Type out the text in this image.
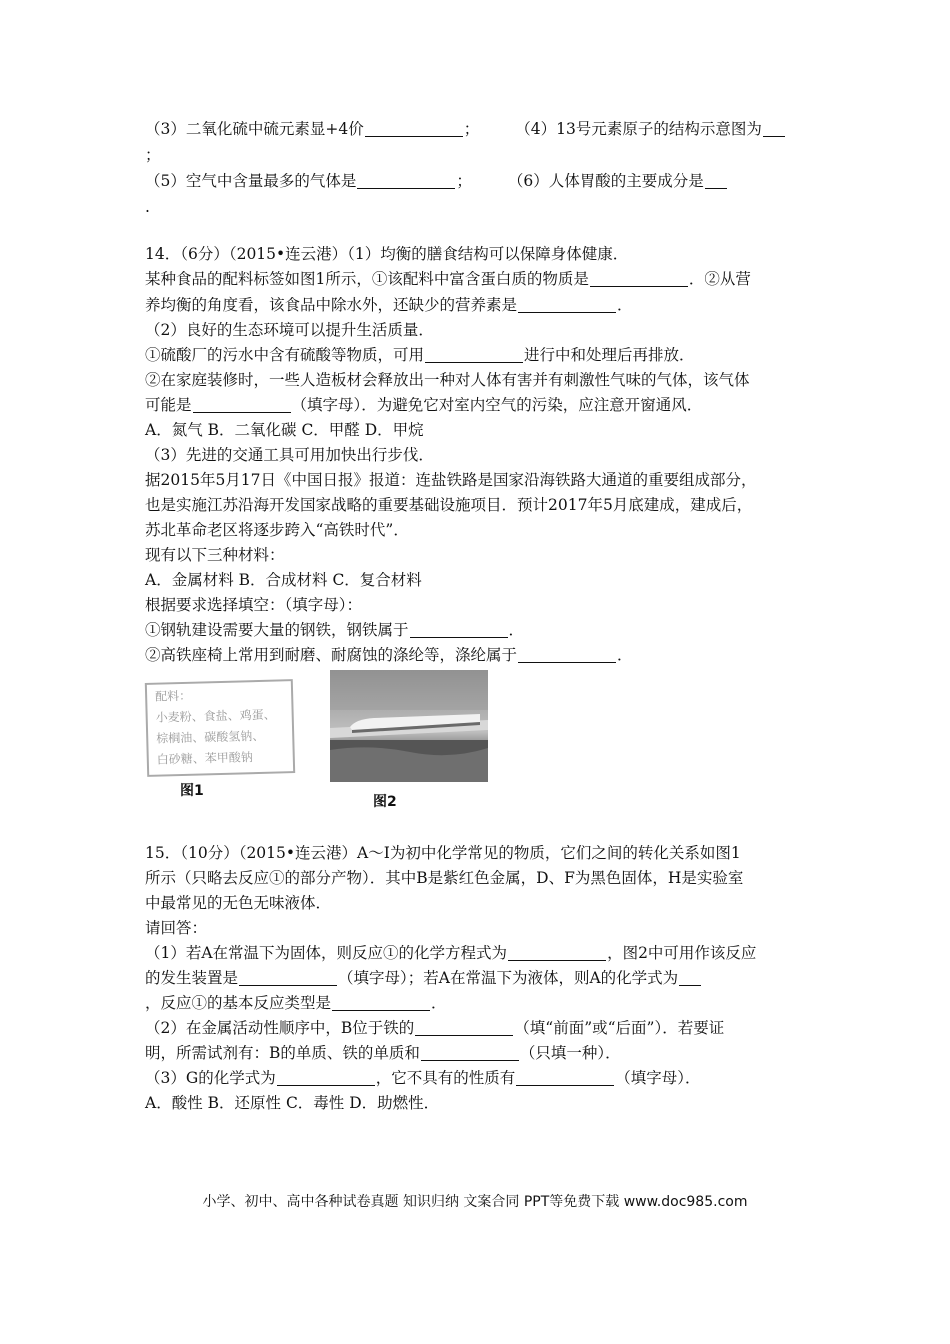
（3）二氧化硫中硫元素显+4价	； （4）13号元素原子的结构示意图为
；
（5）空气中含量最多的气体是	； （6）人体胃酸的主要成分是
.
14．（6分）（2015•连云港）（1）均衡的膳食结构可以保障身体健康．
某种食品的配料标签如图1所示，①该配料中富含蛋白质的物质是	．②从营
养均衡的角度看，该食品中除水外，还缺少的营养素是	．
（2）良好的生态环境可以提升生活质量．
①硫酸厂的污水中含有硫酸等物质，可用	进行中和处理后再排放．
②在家庭装修时，一些人造板材会释放出一种对人体有害并有刺激性气味的气体，该气体
可能是	（填字母）．为避免它对室内空气的污染，应注意开窗通风．
A．氮气 B．二氧化碳 C．甲醛 D．甲烷
（3）先进的交通工具可用加快出行步伐．
据2015年5月17日《中国日报》报道：连盐铁路是国家沿海铁路大通道的重要组成部分，
也是实施江苏沿海开发国家战略的重要基础设施项目．预计2017年5月底建成，建成后，
苏北革命老区将逐步跨入“高铁时代”．
现有以下三种材料：
A．金属材料 B．合成材料 C．复合材料
根据要求选择填空：（填字母）：
①钢轨建设需要大量的钢铁，钢铁属于	．
②高铁座椅上常用到耐磨、耐腐蚀的涤纶等，涤纶属于	．
配料：
小麦粉、食盐、鸡蛋、
棕榈油、碳酸氢钠、
白砂糖、苯甲酸钠
图1
图2
15．（10分）（2015•连云港）A～I为初中化学常见的物质，它们之间的转化关系如图1
所示（只略去反应①的部分产物）．其中B是紫红色金属，D、F为黑色固体，H是实验室
中最常见的无色无味液体．
请回答：
（1）若A在常温下为固体，则反应①的化学方程式为	，图2中可用作该反应
的发生装置是	（填字母）；若A在常温下为液体，则A的化学式为
，反应①的基本反应类型是	．
（2）在金属活动性顺序中，B位于铁的	（填“前面”或“后面”）．若要证
明，所需试剂有：B的单质、铁的单质和	（只填一种）．
（3）G的化学式为	，它不具有的性质有	（填字母）．
A．酸性 B．还原性 C．毒性 D．助燃性．
小学、初中、高中各种试卷真题 知识归纳 文案合同 PPT等免费下载 www.doc985.com
